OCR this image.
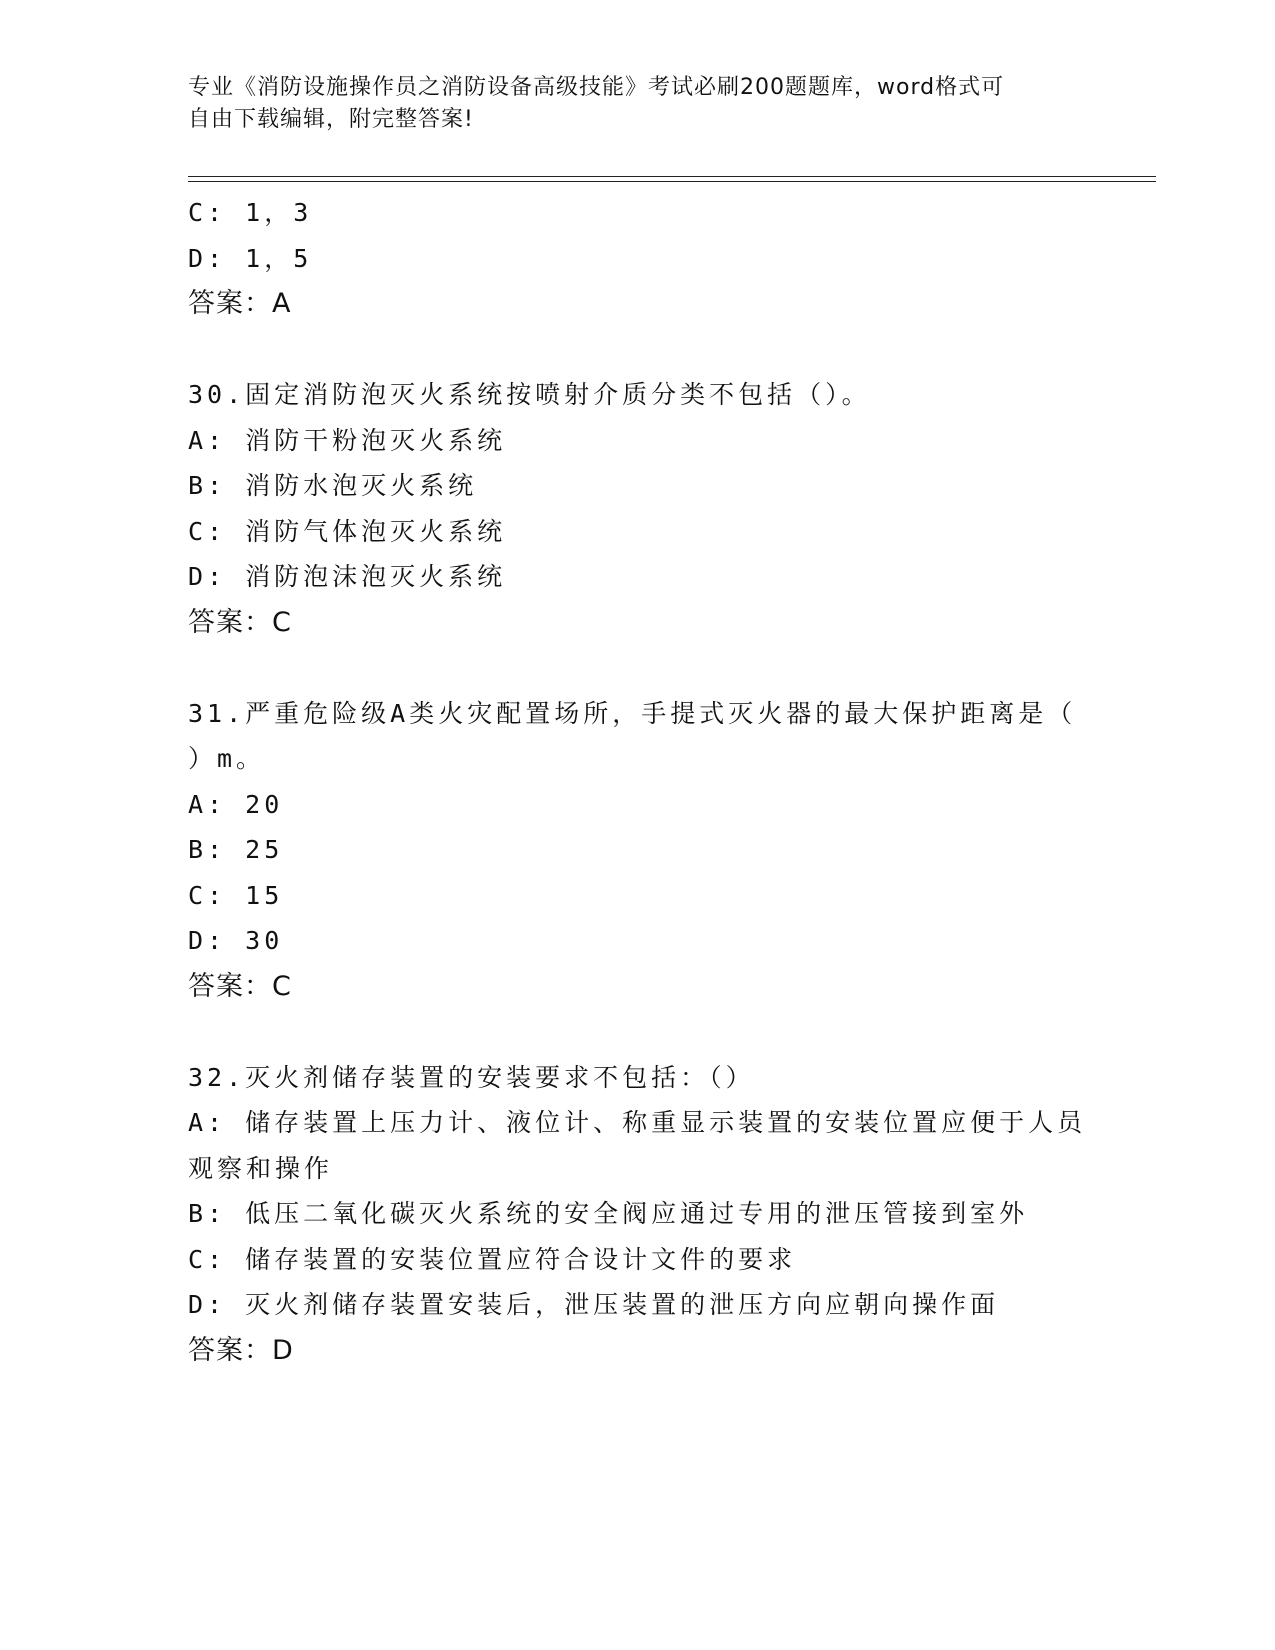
专业《消防设施操作员之消防设备高级技能》考试必刷200题题库，word格式可
自由下载编辑，附完整答案!
C: 1，3
D: 1，5
答案：A
30.固定消防泡灭火系统按喷射介质分类不包括（）。
A: 消防干粉泡灭火系统
B: 消防水泡灭火系统
C: 消防气体泡灭火系统
D: 消防泡沫泡灭火系统
答案：C
31.严重危险级A类火灾配置场所，手提式灭火器的最大保护距离是（
）m。
A: 20
B: 25
C: 15
D: 30
答案：C
32.灭火剂储存装置的安装要求不包括：（）
A: 储存装置上压力计、液位计、称重显示装置的安装位置应便于人员
观察和操作
B: 低压二氧化碳灭火系统的安全阀应通过专用的泄压管接到室外
C: 储存装置的安装位置应符合设计文件的要求
D: 灭火剂储存装置安装后，泄压装置的泄压方向应朝向操作面
答案：D
